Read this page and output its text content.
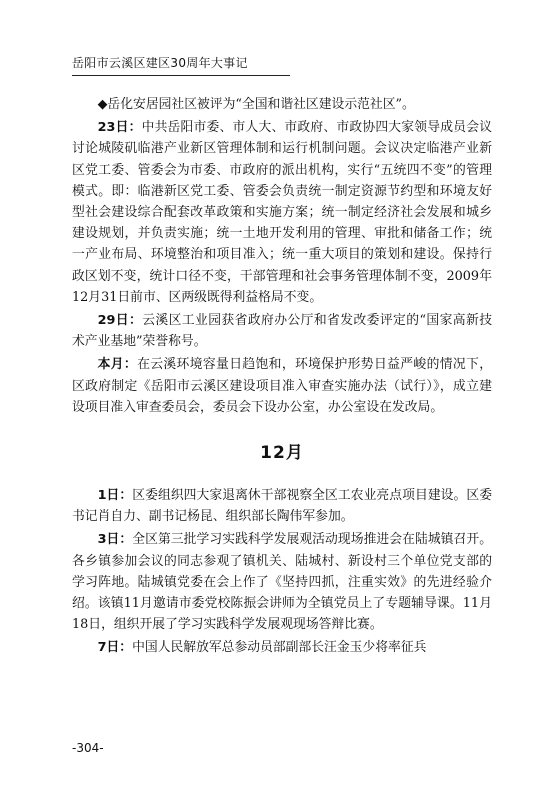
岳阳市云溪区建区30周年大事记

◆岳化安居园社区被评为“全国和谐社区建设示范社区”。

23日：中共岳阳市委、市人大、市政府、市政协四大家领导成员会议讨论城陵矶临港产业新区管理体制和运行机制问题。会议决定临港产业新区党工委、管委会为市委、市政府的派出机构，实行“五统四不变”的管理模式。即：临港新区党工委、管委会负责统一制定资源节约型和环境友好型社会建设综合配套改革政策和实施方案；统一制定经济社会发展和城乡建设规划，并负责实施；统一土地开发利用的管理、审批和储备工作；统一产业布局、环境整治和项目准入；统一重大项目的策划和建设。保持行政区划不变，统计口径不变，干部管理和社会事务管理体制不变，2009年12月31日前市、区两级既得利益格局不变。

29日：云溪区工业园获省政府办公厅和省发改委评定的“国家高新技术产业基地”荣誉称号。

本月：在云溪环境容量日趋饱和，环境保护形势日益严峻的情况下，区政府制定《岳阳市云溪区建设项目准入审查实施办法（试行）》，成立建设项目准入审查委员会，委员会下设办公室，办公室设在发改局。

12月

1日：区委组织四大家退离休干部视察全区工农业亮点项目建设。区委书记肖自力、副书记杨昆、组织部长陶伟军参加。

3日：全区第三批学习实践科学发展观活动现场推进会在陆城镇召开。各乡镇参加会议的同志参观了镇机关、陆城村、新设村三个单位党支部的学习阵地。陆城镇党委在会上作了《坚持四抓，注重实效》的先进经验介绍。该镇11月邀请市委党校陈振会讲师为全镇党员上了专题辅导课。11月18日，组织开展了学习实践科学发展观现场答辩比赛。

7日：中国人民解放军总参动员部副部长汪金玉少将率征兵

-304-
